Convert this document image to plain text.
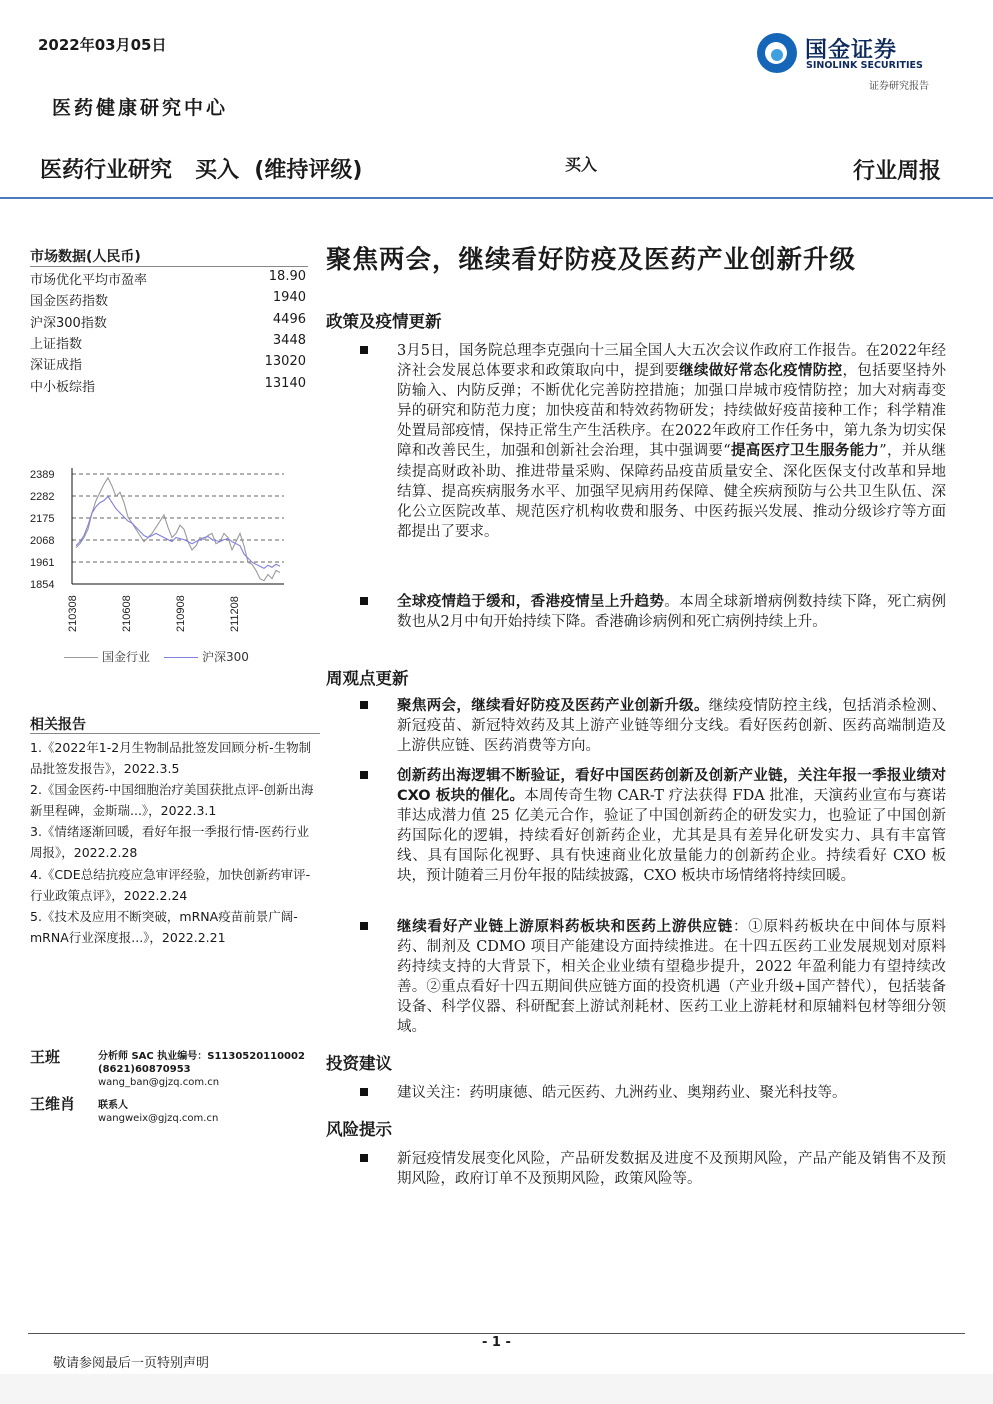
2022年03月05日
医药健康研究中心
国金证券
SINOLINK SECURITIES
证券研究报告
医药行业研究   买入  (维持评级)	买入	行业周报
市场数据(人民币)
市场优化平均市盈率	18.90
国金医药指数	1940
沪深300指数	4496
上证指数	3448
深证成指	13020
中小板综指	13140
2389
2282
2175
2068
1961
1854
210308	210608	210908	211208
国金行业	沪深300
相关报告
1.《2022年1-2月生物制品批签发回顾分析-生物制品批签发报告》，2022.3.5
2.《国金医药-中国细胞治疗美国获批点评-创新出海新里程碑，金斯瑞...》，2022.3.1
3.《情绪逐渐回暖，看好年报一季报行情-医药行业周报》，2022.2.28
4.《CDE总结抗疫应急审评经验，加快创新药审评-行业政策点评》，2022.2.24
5.《技术及应用不断突破，mRNA疫苗前景广阔-mRNA行业深度报...》，2022.2.21
王班	分析师 SAC 执业编号：S1130520110002
(8621)60870953
wang_ban@gjzq.com.cn
王维肖 联系人
wangweix@gjzq.com.cn
聚焦两会，继续看好防疫及医药产业创新升级
政策及疫情更新
3月5日，国务院总理李克强向十三届全国人大五次会议作政府工作报告。在2022年经济社会发展总体要求和政策取向中，提到要继续做好常态化疫情防控，包括要坚持外防输入、内防反弹；不断优化完善防控措施；加强口岸城市疫情防控；加大对病毒变异的研究和防范力度；加快疫苗和特效药物研发；持续做好疫苗接种工作；科学精准处置局部疫情，保持正常生产生活秩序。在2022年政府工作任务中，第九条为切实保障和改善民生，加强和创新社会治理，其中强调要“提高医疗卫生服务能力”，并从继续提高财政补助、推进带量采购、保障药品疫苗质量安全、深化医保支付改革和异地结算、提高疾病服务水平、加强罕见病用药保障、健全疾病预防与公共卫生队伍、深化公立医院改革、规范医疗机构收费和服务、中医药振兴发展、推动分级诊疗等方面都提出了要求。
全球疫情趋于缓和，香港疫情呈上升趋势。本周全球新增病例数持续下降，死亡病例数也从2月中旬开始持续下降。香港确诊病例和死亡病例持续上升。
周观点更新
聚焦两会，继续看好防疫及医药产业创新升级。继续疫情防控主线，包括消杀检测、新冠疫苗、新冠特效药及其上游产业链等细分支线。看好医药创新、医药高端制造及上游供应链、医药消费等方向。
创新药出海逻辑不断验证，看好中国医药创新及创新产业链，关注年报一季报业绩对 CXO 板块的催化。本周传奇生物 CAR-T 疗法获得 FDA 批准，天演药业宣布与赛诺菲达成潜力值 25 亿美元合作，验证了中国创新药企的研发实力，也验证了中国创新药国际化的逻辑，持续看好创新药企业，尤其是具有差异化研发实力、具有丰富管线、具有国际化视野、具有快速商业化放量能力的创新药企业。持续看好 CXO 板块，预计随着三月份年报的陆续披露，CXO 板块市场情绪将持续回暖。
继续看好产业链上游原料药板块和医药上游供应链：①原料药板块在中间体与原料药、制剂及 CDMO 项目产能建设方面持续推进。在十四五医药工业发展规划对原料药持续支持的大背景下，相关企业业绩有望稳步提升，2022 年盈利能力有望持续改善。②重点看好十四五期间供应链方面的投资机遇（产业升级+国产替代），包括装备设备、科学仪器、科研配套上游试剂耗材、医药工业上游耗材和原辅料包材等细分领域。
投资建议
建议关注：药明康德、皓元医药、九洲药业、奥翔药业、聚光科技等。
风险提示
新冠疫情发展变化风险，产品研发数据及进度不及预期风险，产品产能及销售不及预期风险，政府订单不及预期风险，政策风险等。
- 1 -
敬请参阅最后一页特别声明
